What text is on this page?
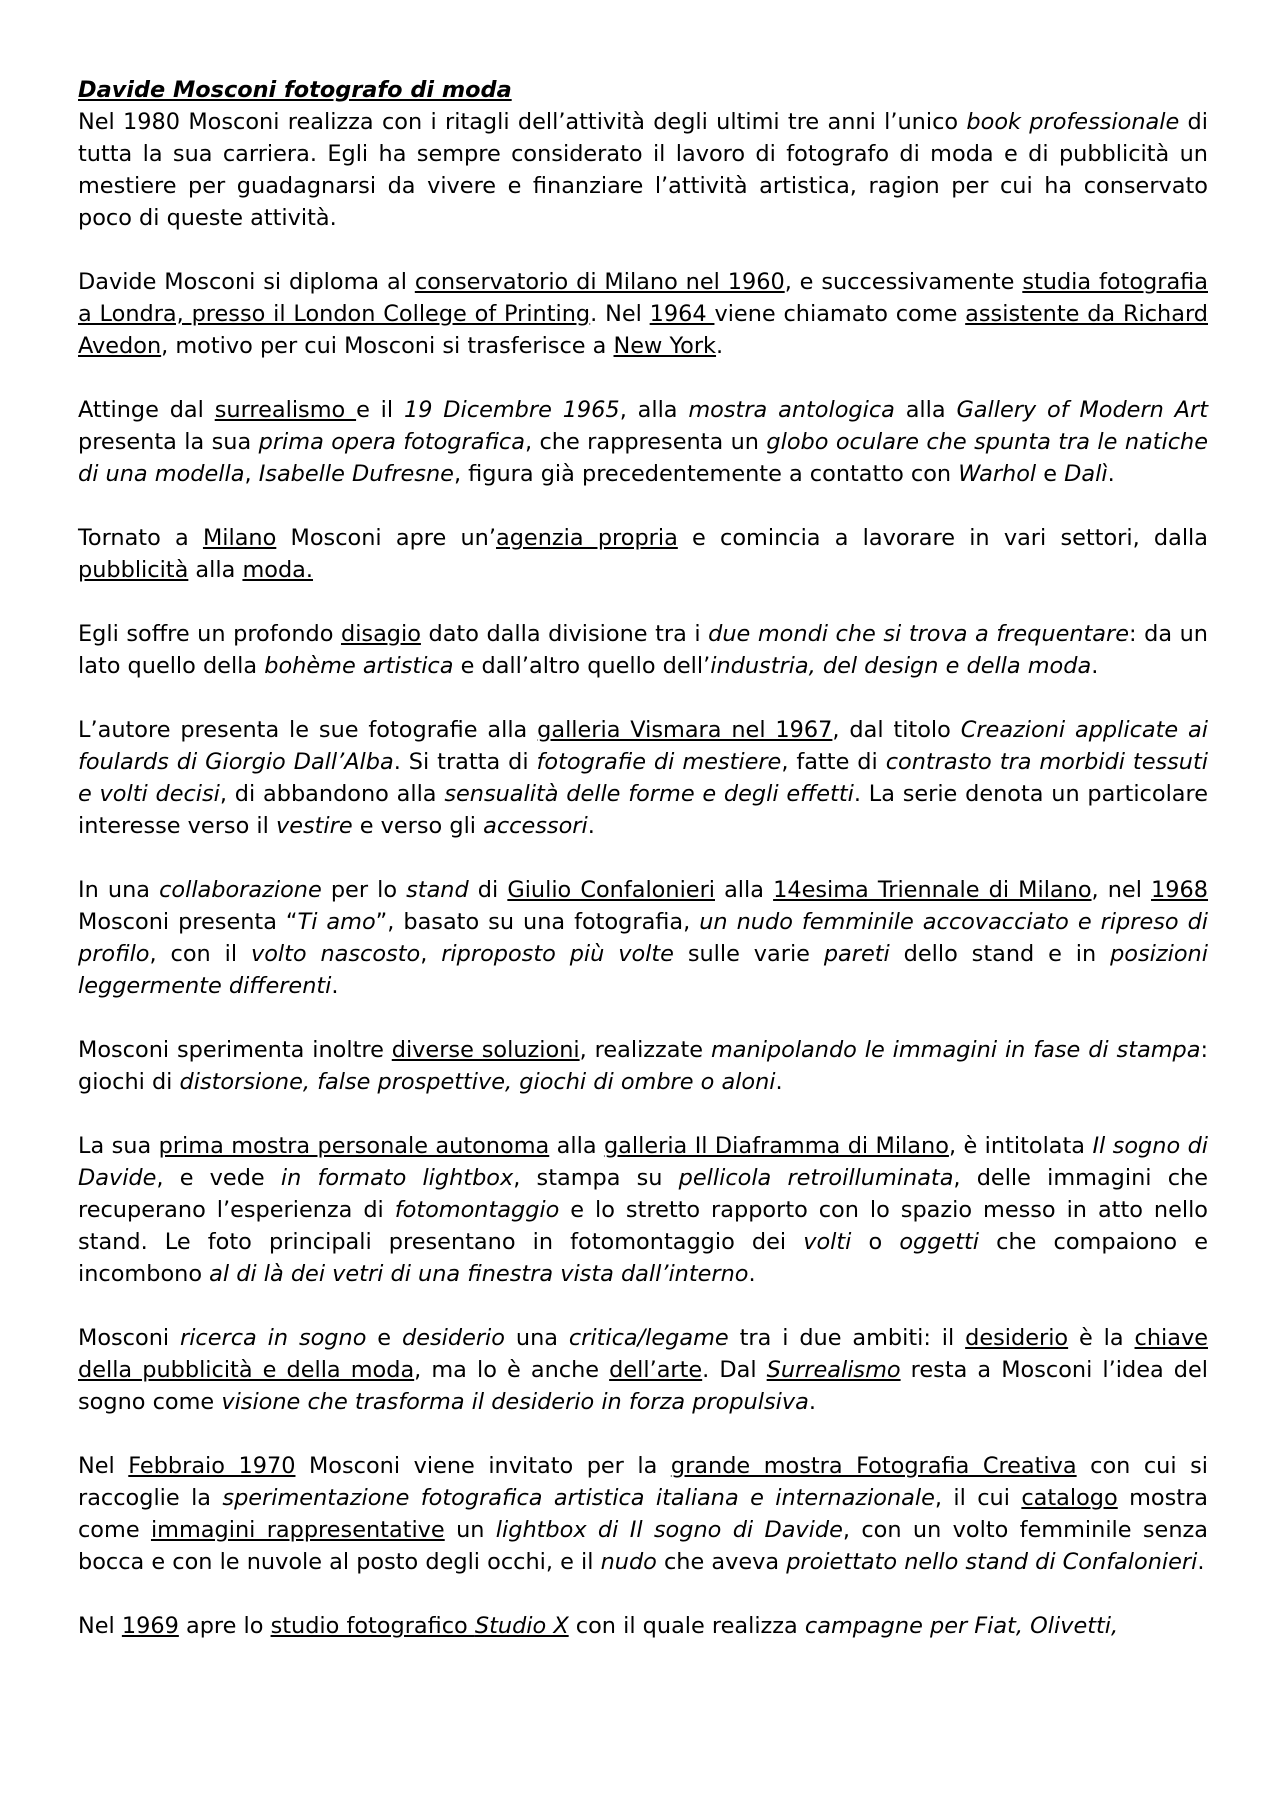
Davide Mosconi fotografo di moda

Nel 1980 Mosconi realizza con i ritagli dell’attività degli ultimi tre anni l’unico book professionale di tutta la sua carriera. Egli ha sempre considerato il lavoro di fotografo di moda e di pubblicità un mestiere per guadagnarsi da vivere e finanziare l’attività artistica, ragion per cui ha conservato poco di queste attività.

Davide Mosconi si diploma al conservatorio di Milano nel 1960, e successivamente studia fotografia a Londra, presso il London College of Printing. Nel 1964 viene chiamato come assistente da Richard Avedon, motivo per cui Mosconi si trasferisce a New York.

Attinge dal surrealismo e il 19 Dicembre 1965, alla mostra antologica alla Gallery of Modern Art presenta la sua prima opera fotografica, che rappresenta un globo oculare che spunta tra le natiche di una modella, Isabelle Dufresne, figura già precedentemente a contatto con Warhol e Dalì.

Tornato a Milano Mosconi apre un’agenzia propria e comincia a lavorare in vari settori, dalla pubblicità alla moda.

Egli soffre un profondo disagio dato dalla divisione tra i due mondi che si trova a frequentare: da un lato quello della bohème artistica e dall’altro quello dell’industria, del design e della moda.

L’autore presenta le sue fotografie alla galleria Vismara nel 1967, dal titolo Creazioni applicate ai foulards di Giorgio Dall’Alba. Si tratta di fotografie di mestiere, fatte di contrasto tra morbidi tessuti e volti decisi, di abbandono alla sensualità delle forme e degli effetti. La serie denota un particolare interesse verso il vestire e verso gli accessori.

In una collaborazione per lo stand di Giulio Confalonieri alla 14esima Triennale di Milano, nel 1968 Mosconi presenta “Ti amo”, basato su una fotografia, un nudo femminile accovacciato e ripreso di profilo, con il volto nascosto, riproposto più volte sulle varie pareti dello stand e in posizioni leggermente differenti.

Mosconi sperimenta inoltre diverse soluzioni, realizzate manipolando le immagini in fase di stampa: giochi di distorsione, false prospettive, giochi di ombre o aloni.

La sua prima mostra personale autonoma alla galleria Il Diaframma di Milano, è intitolata Il sogno di Davide, e vede in formato lightbox, stampa su pellicola retroilluminata, delle immagini che recuperano l’esperienza di fotomontaggio e lo stretto rapporto con lo spazio messo in atto nello stand. Le foto principali presentano in fotomontaggio dei volti o oggetti che compaiono e incombono al di là dei vetri di una finestra vista dall’interno.

Mosconi ricerca in sogno e desiderio una critica/legame tra i due ambiti: il desiderio è la chiave della pubblicità e della moda, ma lo è anche dell’arte. Dal Surrealismo resta a Mosconi l’idea del sogno come visione che trasforma il desiderio in forza propulsiva.

Nel Febbraio 1970 Mosconi viene invitato per la grande mostra Fotografia Creativa con cui si raccoglie la sperimentazione fotografica artistica italiana e internazionale, il cui catalogo mostra come immagini rappresentative un lightbox di Il sogno di Davide, con un volto femminile senza bocca e con le nuvole al posto degli occhi, e il nudo che aveva proiettato nello stand di Confalonieri.

Nel 1969 apre lo studio fotografico Studio X con il quale realizza campagne per Fiat, Olivetti,
